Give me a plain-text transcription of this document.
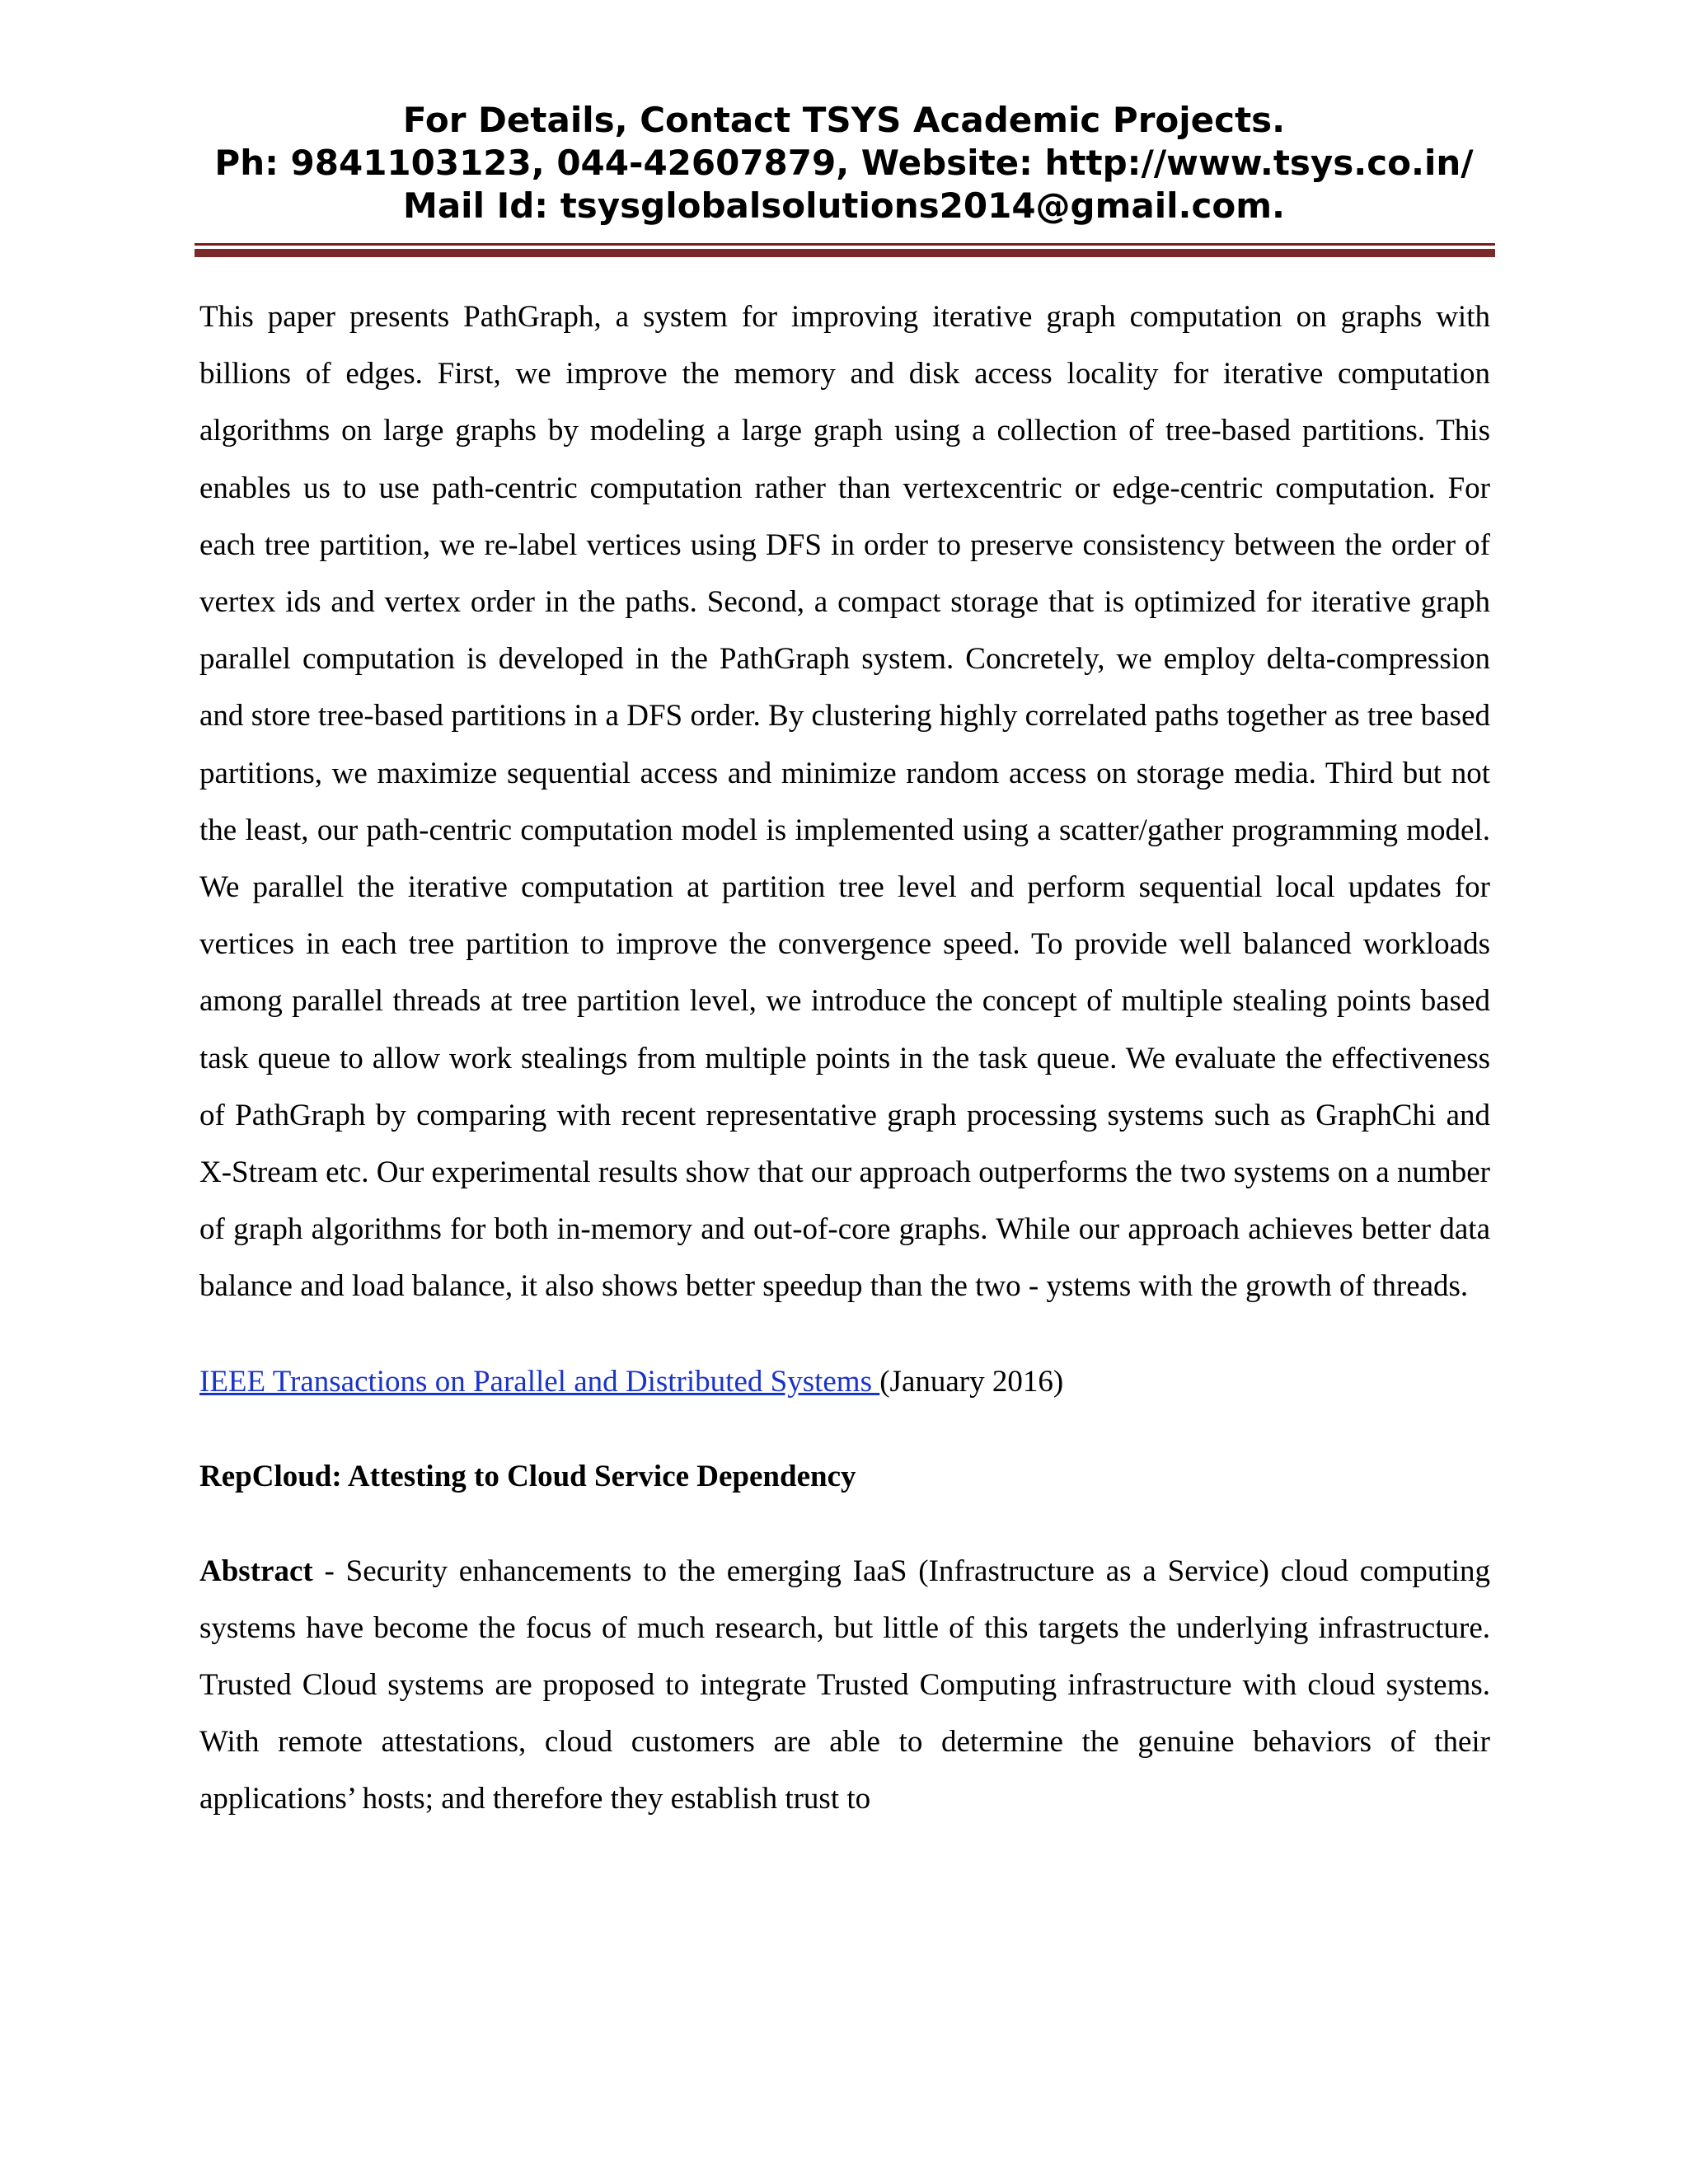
For Details, Contact TSYS Academic Projects.
Ph: 9841103123, 044-42607879, Website: http://www.tsys.co.in/
Mail Id: tsysglobalsolutions2014@gmail.com.

This paper presents PathGraph, a system for improving iterative graph computation on graphs with billions of edges. First, we improve the memory and disk access locality for iterative computation algorithms on large graphs by modeling a large graph using a collection of tree-based partitions. This enables us to use path-centric computation rather than vertexcentric or edge-centric computation. For each tree partition, we re-label vertices using DFS in order to preserve consistency between the order of vertex ids and vertex order in the paths. Second, a compact storage that is optimized for iterative graph parallel computation is developed in the PathGraph system. Concretely, we employ delta-compression and store tree-based partitions in a DFS order. By clustering highly correlated paths together as tree based partitions, we maximize sequential access and minimize random access on storage media. Third but not the least, our path-centric computation model is implemented using a scatter/gather programming model. We parallel the iterative computation at partition tree level and perform sequential local updates for vertices in each tree partition to improve the convergence speed. To provide well balanced workloads among parallel threads at tree partition level, we introduce the concept of multiple stealing points based task queue to allow work stealings from multiple points in the task queue. We evaluate the effectiveness of PathGraph by comparing with recent representative graph processing systems such as GraphChi and X-Stream etc. Our experimental results show that our approach outperforms the two systems on a number of graph algorithms for both in-memory and out-of-core graphs. While our approach achieves better data balance and load balance, it also shows better speedup than the two - ystems with the growth of threads.

IEEE Transactions on Parallel and Distributed Systems (January 2016)
RepCloud: Attesting to Cloud Service Dependency

Abstract - Security enhancements to the emerging IaaS (Infrastructure as a Service) cloud computing systems have become the focus of much research, but little of this targets the underlying infrastructure. Trusted Cloud systems are proposed to integrate Trusted Computing infrastructure with cloud systems. With remote attestations, cloud customers are able to determine the genuine behaviors of their applications’ hosts; and therefore they establish trust to
